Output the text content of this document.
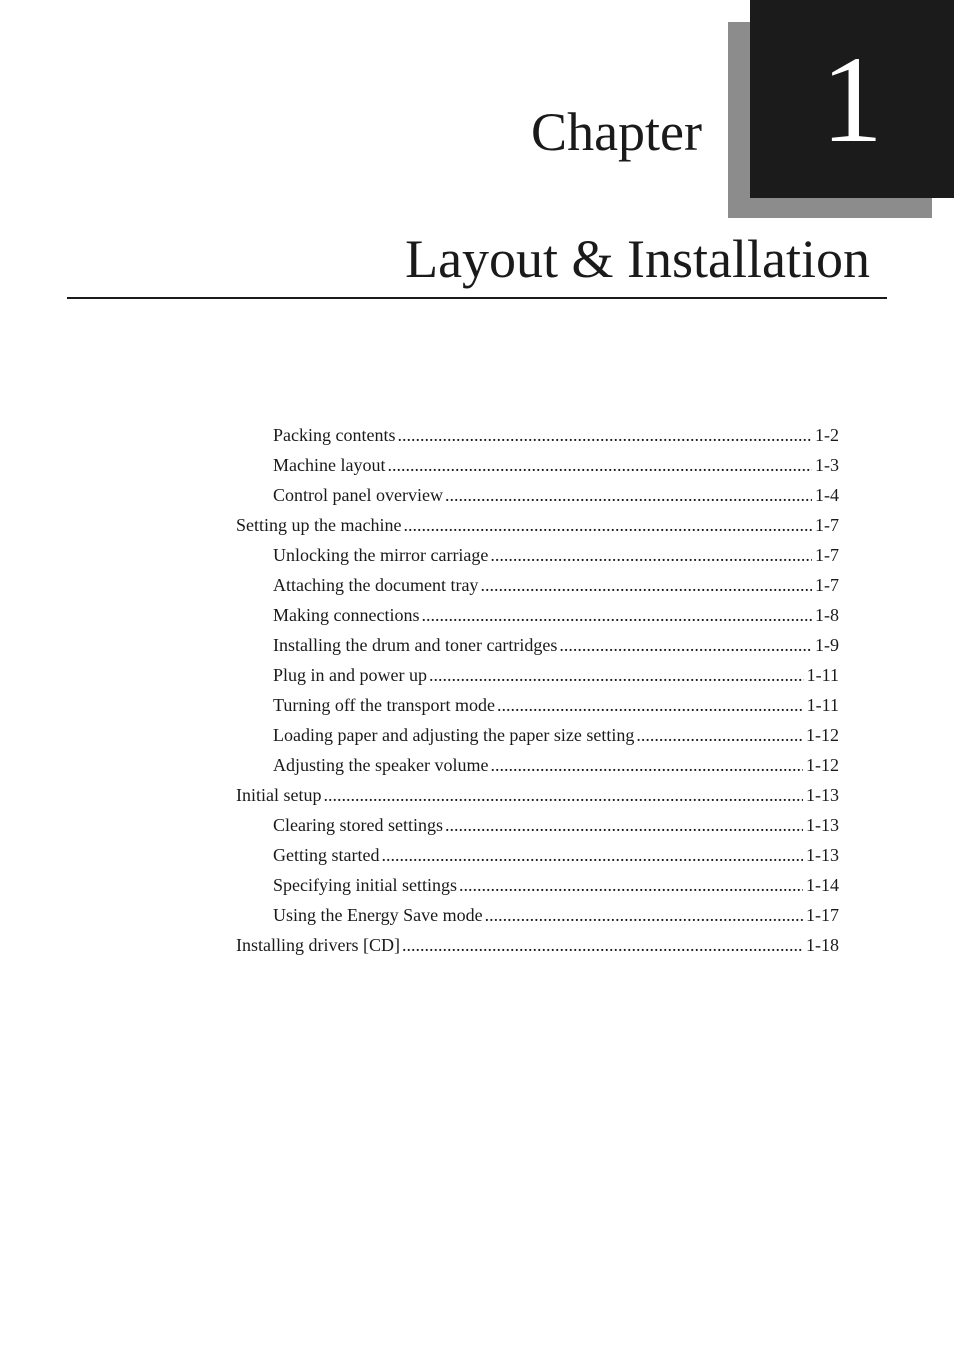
1
Chapter
Layout & Installation
Packing contents .....	1-2
Machine layout .....	1-3
Control panel overview .....	1-4
Setting up the machine .....	1-7
Unlocking the mirror carriage .....	1-7
Attaching the document tray .....	1-7
Making connections .....	1-8
Installing the drum and toner cartridges .....	1-9
Plug in and power up .....	1-11
Turning off the transport mode .....	1-11
Loading paper and adjusting the paper size setting .....	1-12
Adjusting the speaker volume .....	1-12
Initial setup .....	1-13
Clearing stored settings .....	1-13
Getting started .....	1-13
Specifying initial settings .....	1-14
Using the Energy Save mode .....	1-17
Installing drivers [CD] .....	1-18
